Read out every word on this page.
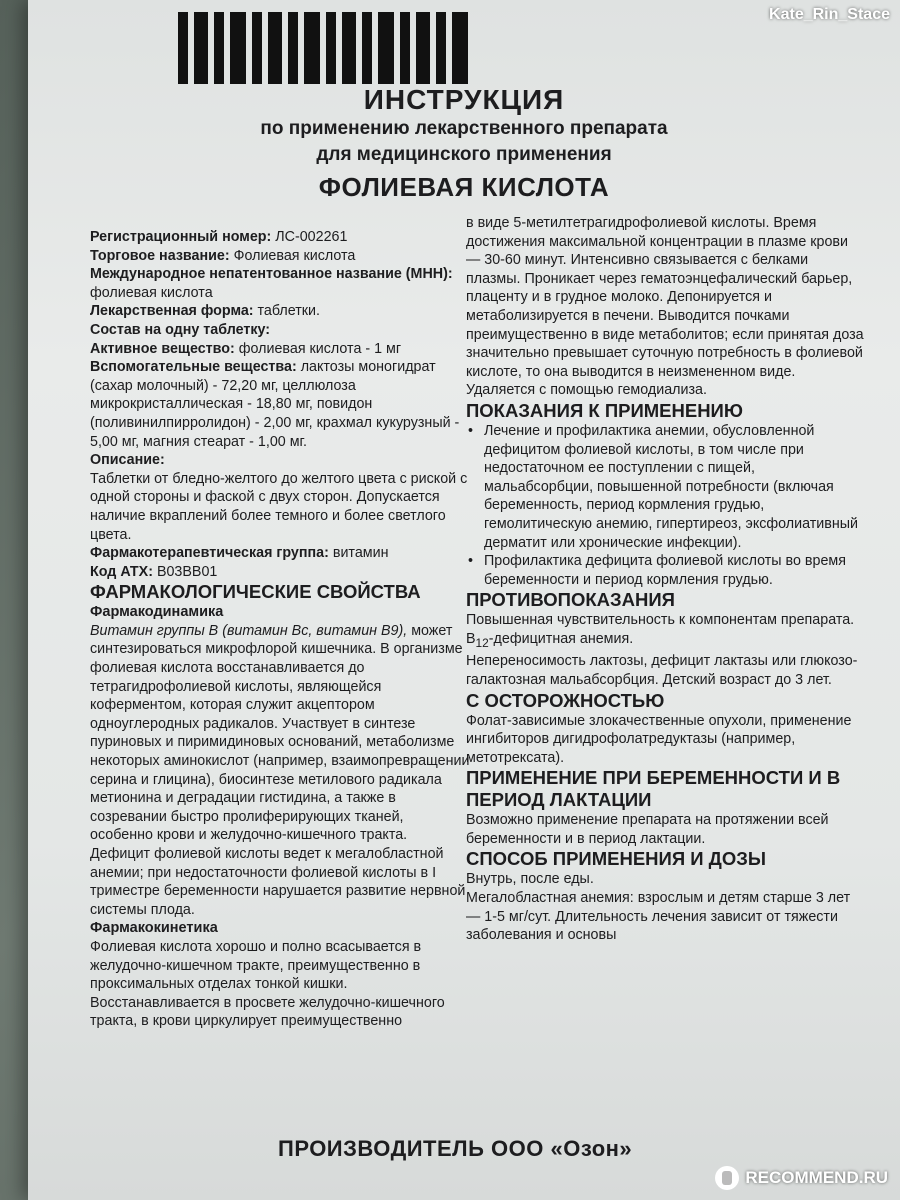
ИНСТРУКЦИЯ
по применению лекарственного препарата
для медицинского применения
ФОЛИЕВАЯ КИСЛОТА

Регистрационный номер: ЛС-002261

Торговое название: Фолиевая кислота

Международное непатентованное название (МНН): фолиевая кислота

Лекарственная форма: таблетки.

Состав на одну таблетку:

Активное вещество: фолиевая кислота - 1 мг

Вспомогательные вещества: лактозы моногидрат (сахар молочный) - 72,20 мг, целлюлоза микрокристаллическая - 18,80 мг, повидон (поливинилпирролидон) - 2,00 мг, крахмал кукурузный - 5,00 мг, магния стеарат - 1,00 мг.

Описание:

Таблетки от бледно-желтого до желтого цвета с риской с одной стороны и фаской с двух сторон. Допускается наличие вкраплений более темного и более светлого цвета.

Фармакотерапевтическая группа: витамин

Код АТХ: B03BB01

ФАРМАКОЛОГИЧЕСКИЕ СВОЙСТВА

Фармакодинамика

Витамин группы В (витамин Вс, витамин В9), может синтезироваться микрофлорой кишечника. В организме фолиевая кислота восстанавливается до тетрагидрофолиевой кислоты, являющейся коферментом, которая служит акцептором одноуглеродных радикалов. Участвует в синтезе пуриновых и пиримидиновых оснований, метаболизме некоторых аминокислот (например, взаимопревращении серина и глицина), биосинтезе метилового радикала метионина и деградации гистидина, а также в созревании быстро пролиферирующих тканей, особенно крови и желудочно-кишечного тракта. Дефицит фолиевой кислоты ведет к мегалобластной анемии; при недостаточности фолиевой кислоты в I триместре беременности нарушается развитие нервной системы плода.

Фармакокинетика

Фолиевая кислота хорошо и полно всасывается в желудочно-кишечном тракте, преимущественно в проксимальных отделах тонкой кишки. Восстанавливается в просвете желудочно-кишечного тракта, в крови циркулирует преимущественно

в виде 5-метилтетрагидрофолиевой кислоты. Время достижения максимальной концентрации в плазме крови — 30-60 минут. Интенсивно связывается с белками плазмы. Проникает через гематоэнцефалический барьер, плаценту и в грудное молоко. Депонируется и метаболизируется в печени. Выводится почками преимущественно в виде метаболитов; если принятая доза значительно превышает суточную потребность в фолиевой кислоте, то она выводится в неизмененном виде. Удаляется с помощью гемодиализа.

ПОКАЗАНИЯ К ПРИМЕНЕНИЮ

• Лечение и профилактика анемии, обусловленной дефицитом фолиевой кислоты, в том числе при недостаточном ее поступлении с пищей, мальабсорбции, повышенной потребности (включая беременность, период кормления грудью, гемолитическую анемию, гипертиреоз, эксфолиативный дерматит или хронические инфекции).

• Профилактика дефицита фолиевой кислоты во время беременности и период кормления грудью.

ПРОТИВОПОКАЗАНИЯ

Повышенная чувствительность к компонентам препарата.

$B_{12}$-дефицитная анемия.

Непереносимость лактозы, дефицит лактазы или глюкозо-галактозная мальабсорбция. Детский возраст до 3 лет.

С ОСТОРОЖНОСТЬЮ

Фолат-зависимые злокачественные опухоли, применение ингибиторов дигидрофолатредуктазы (например, метотрексата).

ПРИМЕНЕНИЕ ПРИ БЕРЕМЕННОСТИ И В ПЕРИОД ЛАКТАЦИИ

Возможно применение препарата на протяжении всей беременности и в период лактации.

СПОСОБ ПРИМЕНЕНИЯ И ДОЗЫ

Внутрь, после еды.

Мегалобластная анемия: взрослым и детям старше 3 лет — 1-5 мг/сут. Длительность лечения зависит от тяжести заболевания и основы

ПРОИЗВОДИТЕЛЬ ООО «Озон»
Kate_Rin_Stace
RECOMMEND.RU
